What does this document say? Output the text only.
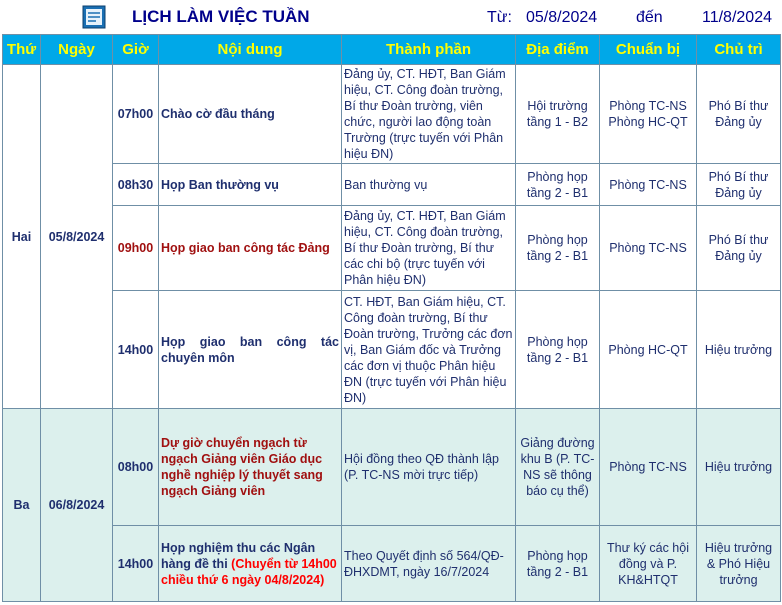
LỊCH LÀM VIỆC TUẦN	Từ: 05/8/2024 đến 11/8/2024
Thứ	Ngày	Giờ	Nội dung	Thành phần	Địa điểm	Chuẩn bị	Chủ trì
Hai	05/8/2024	07h00	Chào cờ đầu tháng	Đảng ủy, CT. HĐT, Ban Giám hiệu, CT. Công đoàn trường, Bí thư Đoàn trường, viên chức, người lao động toàn Trường (trực tuyến với Phân hiệu ĐN)	Hội trường tầng 1 - B2	Phòng TC-NS Phòng HC-QT	Phó Bí thư Đảng ủy
		08h30	Họp Ban thường vụ	Ban thường vụ	Phòng họp tầng 2 - B1	Phòng TC-NS	Phó Bí thư Đảng ủy
		09h00	Họp giao ban công tác Đảng	Đảng ủy, CT. HĐT, Ban Giám hiệu, CT. Công đoàn trường, Bí thư Đoàn trường, Bí thư các chi bộ (trực tuyến với Phân hiệu ĐN)	Phòng họp tầng 2 - B1	Phòng TC-NS	Phó Bí thư Đảng ủy
		14h00	Họp giao ban công tác chuyên môn	CT. HĐT, Ban Giám hiệu, CT. Công đoàn trường, Bí thư Đoàn trường, Trưởng các đơn vị, Ban Giám đốc và Trưởng các đơn vị thuộc Phân hiệu ĐN (trực tuyến với Phân hiệu ĐN)	Phòng họp tầng 2 - B1	Phòng HC-QT	Hiệu trưởng
Ba	06/8/2024	08h00	Dự giờ chuyển ngạch từ ngạch Giảng viên Giáo dục nghề nghiệp lý thuyết sang ngạch Giảng viên	Hội đồng theo QĐ thành lập (P. TC-NS mời trực tiếp)	Giảng đường khu B (P. TC-NS sẽ thông báo cụ thể)	Phòng TC-NS	Hiệu trưởng
		14h00	Họp nghiệm thu các Ngân hàng đề thi (Chuyển từ 14h00 chiều thứ 6 ngày 04/8/2024)	Theo Quyết định số 564/QĐ-ĐHXDMT, ngày 16/7/2024	Phòng họp tầng 2 - B1	Thư ký các hội đồng và P. KH&HTQT	Hiệu trưởng & Phó Hiệu trưởng
